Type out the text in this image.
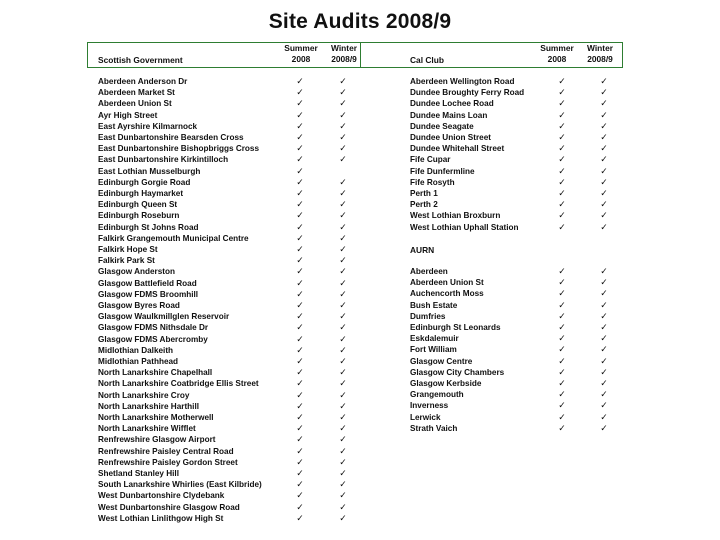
Site Audits 2008/9
Scottish Government
Summer
2008
Winter
2008/9	Cal Club
Summer
2008
Winter
2008/9
AURN
Aberdeen Anderson Dr	✓	✓
Aberdeen Market St	✓	✓
Aberdeen Union St	✓	✓
Ayr High Street	✓	✓
East Ayrshire Kilmarnock	✓	✓
East Dunbartonshire Bearsden Cross	✓	✓
East Dunbartonshire Bishopbriggs Cross	✓	✓
East Dunbartonshire Kirkintilloch	✓	✓
East Lothian Musselburgh	✓
Edinburgh Gorgie Road	✓	✓
Edinburgh Haymarket	✓	✓
Edinburgh Queen St	✓	✓
Edinburgh Roseburn	✓	✓
Edinburgh St Johns Road	✓	✓
Falkirk Grangemouth Municipal Centre	✓	✓
Falkirk Hope St	✓	✓
Falkirk Park St	✓	✓
Glasgow Anderston	✓	✓
Glasgow Battlefield Road	✓	✓
Glasgow FDMS Broomhill	✓	✓
Glasgow Byres Road	✓	✓
Glasgow Waulkmillglen Reservoir	✓	✓
Glasgow FDMS Nithsdale Dr	✓	✓
Glasgow FDMS Abercromby	✓	✓
Midlothian Dalkeith	✓	✓
Midlothian Pathhead	✓	✓
North Lanarkshire Chapelhall	✓	✓
North Lanarkshire Coatbridge Ellis Street	✓	✓
North Lanarkshire Croy	✓	✓
North Lanarkshire Harthill	✓	✓
North Lanarkshire Motherwell	✓	✓
North Lanarkshire Wifflet	✓	✓
Renfrewshire Glasgow Airport	✓	✓
Renfrewshire Paisley Central Road	✓	✓
Renfrewshire Paisley Gordon Street	✓	✓
Shetland Stanley Hill	✓	✓
South Lanarkshire Whirlies (East Kilbride)	✓	✓
West Dunbartonshire Clydebank	✓	✓
West Dunbartonshire Glasgow Road	✓	✓
West Lothian Linlithgow High St	✓	✓
Aberdeen Wellington Road	✓	✓
Dundee Broughty Ferry Road	✓	✓
Dundee Lochee Road	✓	✓
Dundee Mains Loan	✓	✓
Dundee Seagate	✓	✓
Dundee Union Street	✓	✓
Dundee Whitehall Street	✓	✓
Fife Cupar	✓	✓
Fife Dunfermline	✓	✓
Fife Rosyth	✓	✓
Perth 1	✓	✓
Perth 2	✓	✓
West Lothian Broxburn	✓	✓
West Lothian Uphall Station	✓	✓
Aberdeen	✓	✓
Aberdeen Union St	✓	✓
Auchencorth Moss	✓	✓
Bush Estate	✓	✓
Dumfries	✓	✓
Edinburgh St Leonards	✓	✓
Eskdalemuir	✓	✓
Fort William	✓	✓
Glasgow Centre	✓	✓
Glasgow City Chambers	✓	✓
Glasgow Kerbside	✓	✓
Grangemouth	✓	✓
Inverness	✓	✓
Lerwick	✓	✓
Strath Vaich	✓	✓
